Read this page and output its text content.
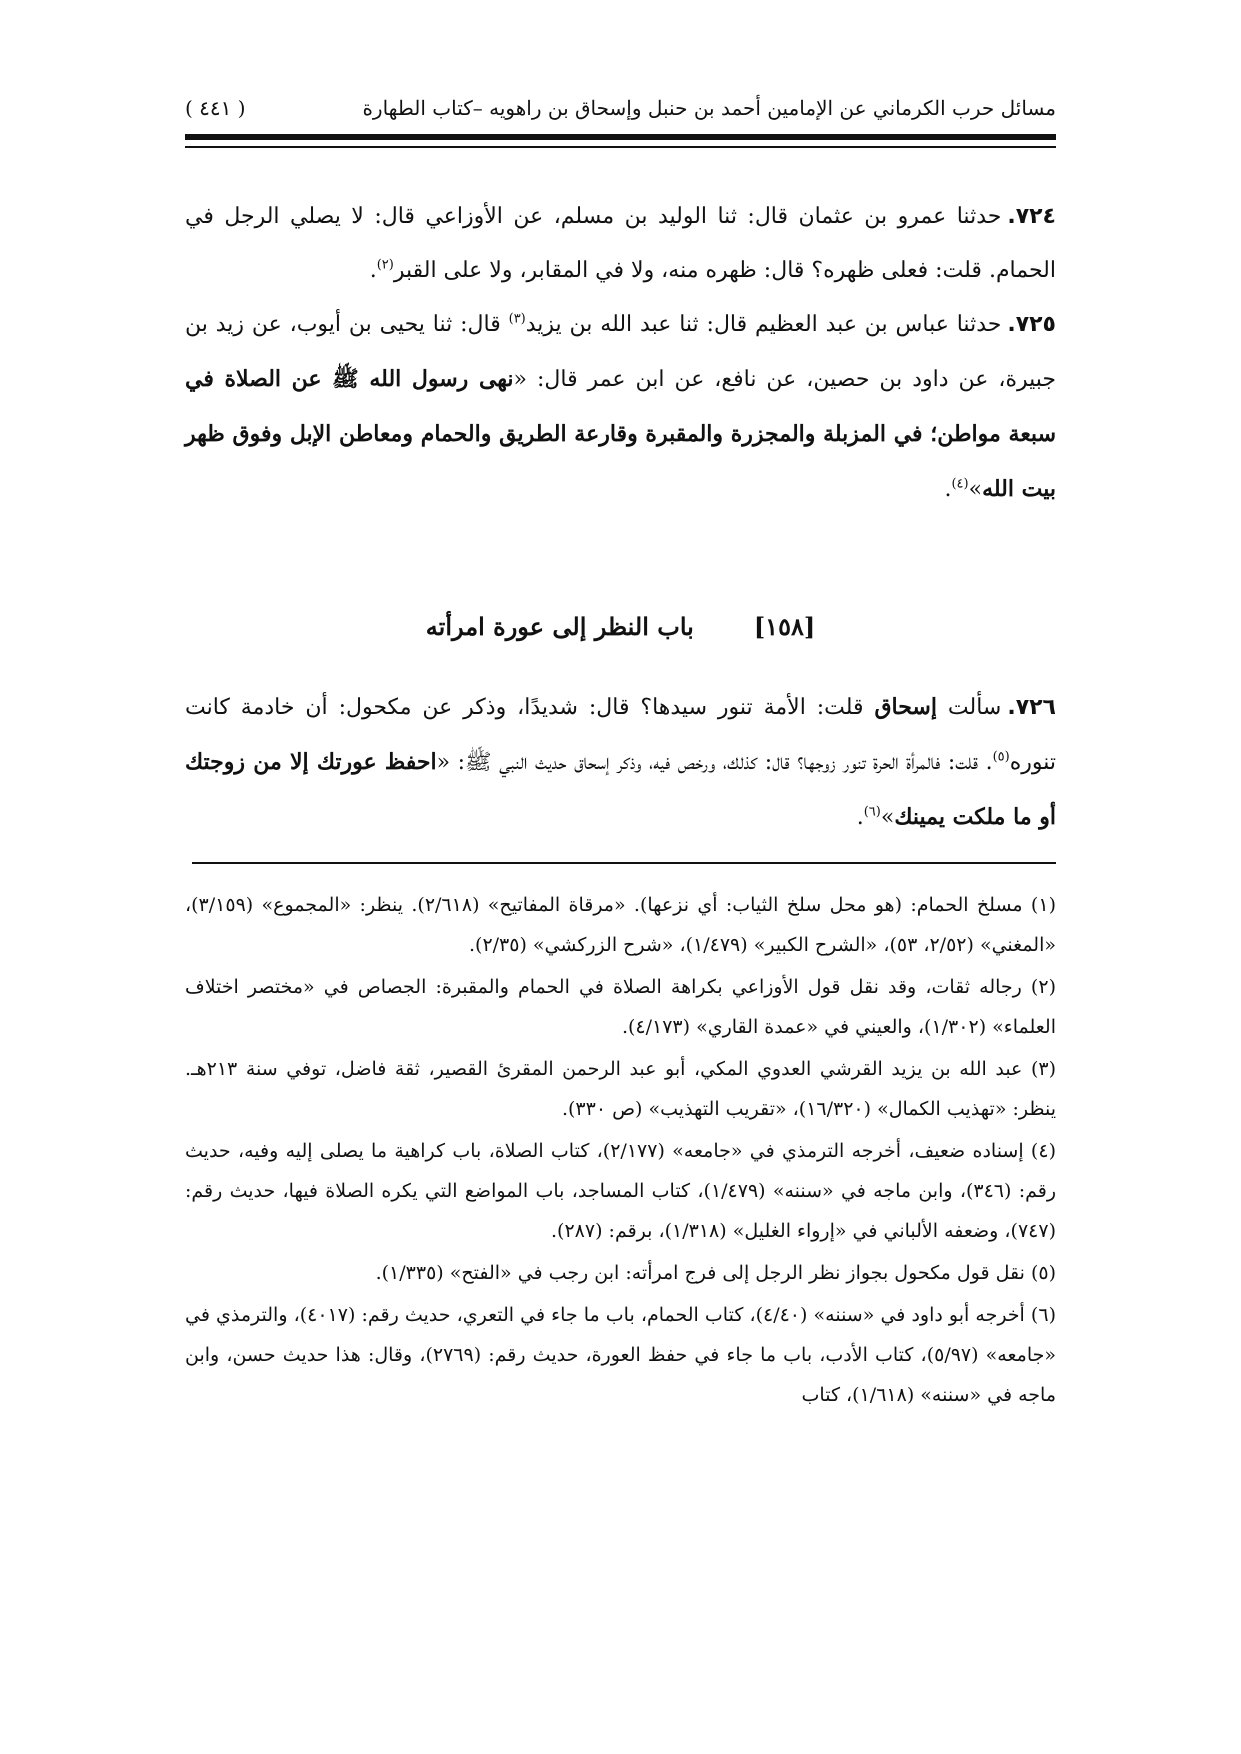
مسائل حرب الكرماني عن الإمامين أحمد بن حنبل وإسحاق بن راهويه –كتاب الطهارة
( ٤٤١ )

٧٢٤.حدثنا عمرو بن عثمان قال: ثنا الوليد بن مسلم، عن الأوزاعي قال: لا يصلي الرجل في الحمام. قلت: فعلى ظهره؟ قال: ظهره منه، ولا في المقابر، ولا على القبر$^{(٢)}$.

٧٢٥.حدثنا عباس بن عبد العظيم قال: ثنا عبد الله بن يزيد$^{(٣)}$ قال: ثنا يحيى بن أيوب، عن زيد بن جبيرة، عن داود بن حصين، عن نافع، عن ابن عمر قال: «نهى رسول الله ﷺ عن الصلاة في سبعة مواطن؛ في المزبلة والمجزرة والمقبرة وقارعة الطريق والحمام ومعاطن الإبل وفوق ظهر بيت الله»$^{(٤)}$.

[١٥٨]باب النظر إلى عورة امرأته

٧٢٦.سألت إسحاق قلت: الأمة تنور سيدها؟ قال: شديدًا، وذكر عن مكحول: أن خادمة كانت تنوره$^{(٥)}$. قلت: فالمرأة الحرة تنور زوجها؟ قال: كذلك، ورخص فيه، وذكر إسحاق حديث النبي ﷺ: «احفظ عورتك إلا من زوجتك أو ما ملكت يمينك»$^{(٦)}$.

(١) مسلخ الحمام: (هو محل سلخ الثياب: أي نزعها). «مرقاة المفاتيح» (٢/٦١٨). ينظر: «المجموع» (٣/١٥٩)، «المغني» (٢/٥٢، ٥٣)، «الشرح الكبير» (١/٤٧٩)، «شرح الزركشي» (٢/٣٥).

(٢) رجاله ثقات، وقد نقل قول الأوزاعي بكراهة الصلاة في الحمام والمقبرة: الجصاص في «مختصر اختلاف العلماء» (١/٣٠٢)، والعيني في «عمدة القاري» (٤/١٧٣).

(٣) عبد الله بن يزيد القرشي العدوي المكي، أبو عبد الرحمن المقرئ القصير، ثقة فاضل، توفي سنة ٢١٣هـ. ينظر: «تهذيب الكمال» (١٦/٣٢٠)، «تقريب التهذيب» (ص ٣٣٠).

(٤) إسناده ضعيف، أخرجه الترمذي في «جامعه» (٢/١٧٧)، كتاب الصلاة، باب كراهية ما يصلى إليه وفيه، حديث رقم: (٣٤٦)، وابن ماجه في «سننه» (١/٤٧٩)، كتاب المساجد، باب المواضع التي يكره الصلاة فيها، حديث رقم: (٧٤٧)، وضعفه الألباني في «إرواء الغليل» (١/٣١٨)، برقم: (٢٨٧).

(٥) نقل قول مكحول بجواز نظر الرجل إلى فرج امرأته: ابن رجب في «الفتح» (١/٣٣٥).

(٦) أخرجه أبو داود في «سننه» (٤/٤٠)، كتاب الحمام، باب ما جاء في التعري، حديث رقم: (٤٠١٧)، والترمذي في «جامعه» (٥/٩٧)، كتاب الأدب، باب ما جاء في حفظ العورة، حديث رقم: (٢٧٦٩)، وقال: هذا حديث حسن، وابن ماجه في «سننه» (١/٦١٨)، كتاب
